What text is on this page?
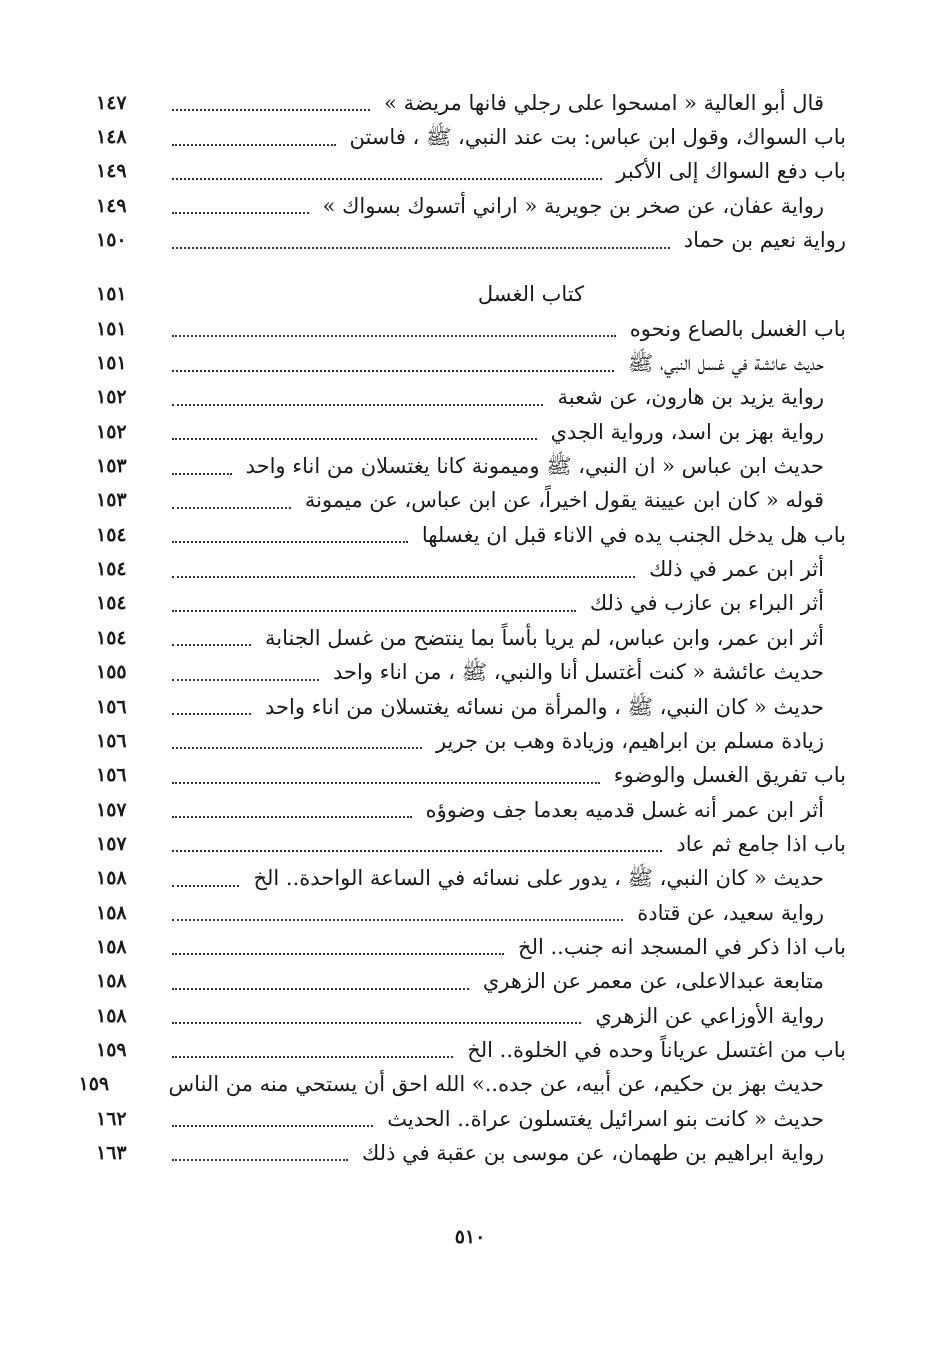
قال أبو العالية « امسحوا على رجلي فانها مريضة »
١٤٧
باب السواك، وقول ابن عباس: بت عند النبي، ﷺ ، فاستن
١٤٨
باب دفع السواك إلى الأكبر
١٤٩
رواية عفان، عن صخر بن جويرية « اراني أتسوك بسواك »
١٤٩
رواية نعيم بن حماد
١٥٠
كتاب الغسل
١٥١
باب الغسل بالصاع ونحوه
١٥١
حديث عائشة في غسل النبي، ﷺ
١٥١
رواية يزيد بن هارون، عن شعبة
١٥٢
رواية بهز بن اسد، ورواية الجدي
١٥٢
حديث ابن عباس « ان النبي، ﷺ وميمونة كانا يغتسلان من اناء واحد
١٥٣
قوله « كان ابن عيينة يقول اخيراً، عن ابن عباس، عن ميمونة
١٥٣
باب هل يدخل الجنب يده في الاناء قبل ان يغسلها
١٥٤
أثر ابن عمر في ذلك
١٥٤
أثر البراء بن عازب في ذلك
١٥٤
أثر ابن عمر، وابن عباس، لم يريا بأساً بما ينتضح من غسل الجنابة
١٥٤
حديث عائشة « كنت أغتسل أنا والنبي، ﷺ ، من اناء واحد
١٥٥
حديث « كان النبي، ﷺ ، والمرأة من نسائه يغتسلان من اناء واحد
١٥٦
زيادة مسلم بن ابراهيم، وزيادة وهب بن جرير
١٥٦
باب تفريق الغسل والوضوء
١٥٦
أثر ابن عمر أنه غسل قدميه بعدما جف وضوؤه
١٥٧
باب اذا جامع ثم عاد
١٥٧
حديث « كان النبي، ﷺ ، يدور على نسائه في الساعة الواحدة.. الخ
١٥٨
رواية سعيد، عن قتادة
١٥٨
باب اذا ذكر في المسجد انه جنب.. الخ
١٥٨
متابعة عبدالاعلى، عن معمر عن الزهري
١٥٨
رواية الأوزاعي عن الزهري
١٥٨
باب من اغتسل عرياناً وحده في الخلوة.. الخ
١٥٩
حديث بهز بن حكيم، عن أبيه، عن جده..» الله احق أن يستحي منه من الناس
١٥٩
حديث « كانت بنو اسرائيل يغتسلون عراة.. الحديث
١٦٢
رواية ابراهيم بن طهمان، عن موسى بن عقبة في ذلك
١٦٣
٥١٠
